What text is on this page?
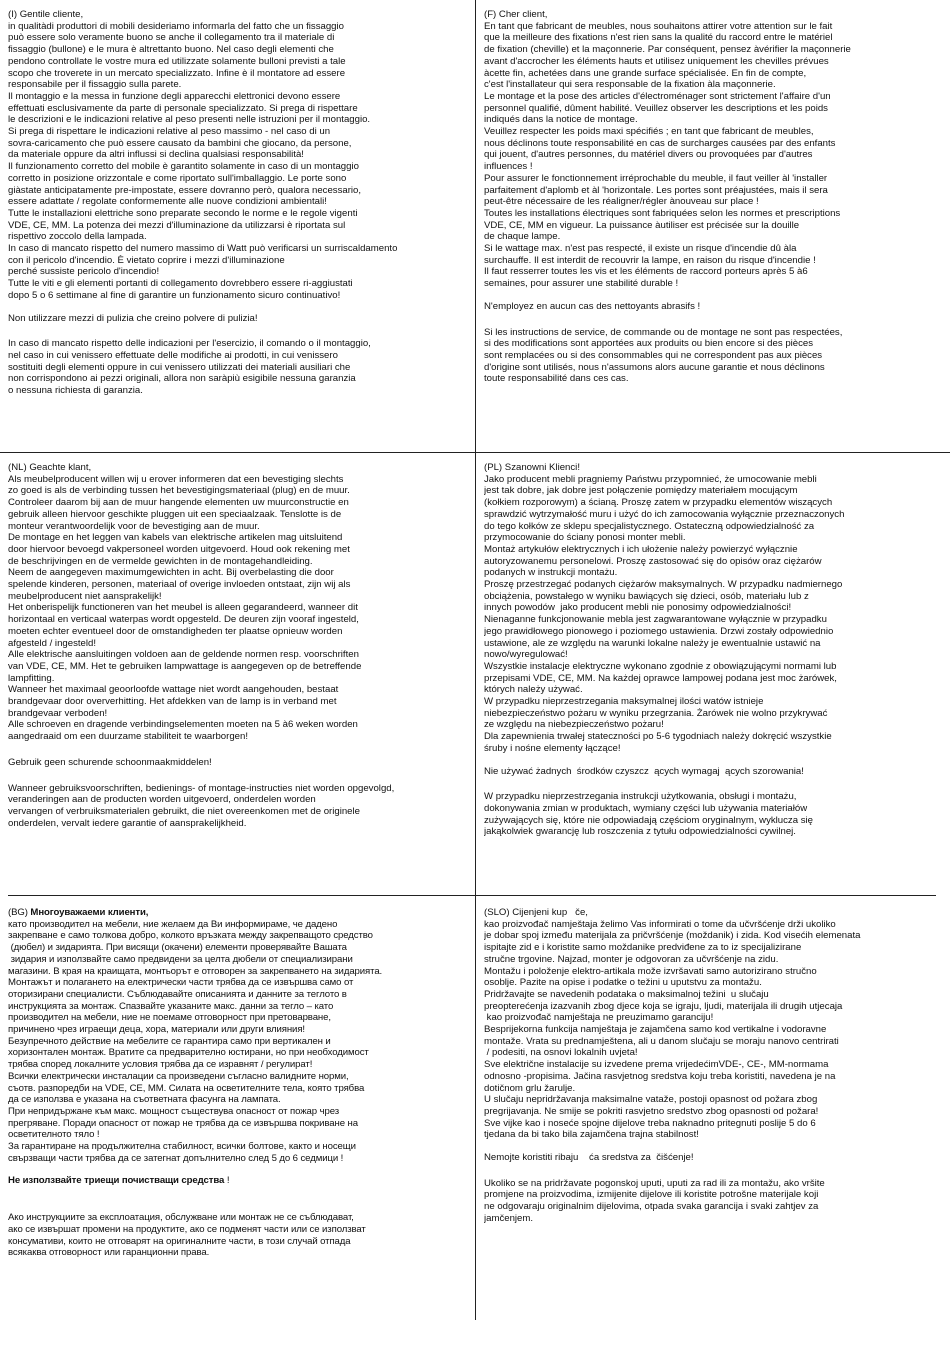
(I) Gentile cliente,

in qualitàdi produttori di mobili desideriamo informarla del fatto che un fissaggio

può essere solo veramente buono se anche il collegamento tra il materiale di

fissaggio (bullone) e le mura è altrettanto buono. Nel caso degli elementi che

pendono controllate le vostre mura ed utilizzate solamente bulloni previsti a tale

scopo che troverete in un mercato specializzato. Infine è il montatore ad essere

responsabile per il fissaggio sulla parete.

Il montaggio e la messa in funzione degli apparecchi elettronici devono essere

effettuati esclusivamente da parte di personale specializzato. Si prega di rispettare

le descrizioni e le indicazioni relative al peso presenti nelle istruzioni per il montaggio.

Si prega di rispettare le indicazioni relative al peso massimo - nel caso di un

sovra-caricamento che può essere causato da bambini che giocano, da persone,

da materiale oppure da altri influssi si declina qualsiasi responsabilità!

Il funzionamento corretto del mobile è garantito solamente in caso di un montaggio

corretto in posizione orizzontale e come riportato sull'imballaggio. Le porte sono

giàstate anticipatamente pre-impostate, essere dovranno però, qualora necessario,

essere adattate / regolate conformemente alle nuove condizioni ambientali!

Tutte le installazioni elettriche sono preparate secondo le norme e le regole vigenti

VDE, CE, MM. La potenza dei mezzi d'illuminazione da utilizzarsi è riportata sul

rispettivo zoccolo della lampada.

In caso di mancato rispetto del numero massimo di Watt può verificarsi un surriscaldamento

con il pericolo d'incendio. È vietato coprire i mezzi d'illuminazione

perché sussiste pericolo d'incendio!

Tutte le viti e gli elementi portanti di collegamento dovrebbero essere ri-aggiustati

dopo 5 o 6 settimane al fine di garantire un funzionamento sicuro continuativo!

Non utilizzare mezzi di pulizia che creino polvere di pulizia!

In caso di mancato rispetto delle indicazioni per l'esercizio, il comando o il montaggio,

nel caso in cui venissero effettuate delle modifiche ai prodotti, in cui venissero

sostituiti degli elementi oppure in cui venissero utilizzati dei materiali ausiliari che

non corrispondono ai pezzi originali, allora non saràpiù esigibile nessuna garanzia

o nessuna richiesta di garanzia.

(F) Cher client,

En tant que fabricant de meubles, nous souhaitons attirer votre attention sur le fait

que la meilleure des fixations n'est rien sans la qualité du raccord entre le matériel

de fixation (cheville) et la maçonnerie. Par conséquent, pensez àvérifier la maçonnerie

avant d'accrocher les éléments hauts et utilisez uniquement les chevilles prévues

àcette fin, achetées dans une grande surface spécialisée. En fin de compte,

c'est l'installateur qui sera responsable de la fixation àla maçonnerie.

Le montage et la pose des articles d'électroménager sont strictement l'affaire d'un

personnel qualifié, dûment habilité. Veuillez observer les descriptions et les poids

indiqués dans la notice de montage.

Veuillez respecter les poids maxi spécifiés ; en tant que fabricant de meubles,

nous déclinons toute responsabilité en cas de surcharges causées par des enfants

qui jouent, d'autres personnes, du matériel divers ou provoquées par d'autres

influences !

Pour assurer le fonctionnement irréprochable du meuble, il faut veiller àl 'installer

parfaitement d'aplomb et àl 'horizontale. Les portes sont préajustées, mais il sera

peut-être nécessaire de les réaligner/régler ànouveau sur place !

Toutes les installations électriques sont fabriquées selon les normes et prescriptions

VDE, CE, MM en vigueur. La puissance àutiliser est précisée sur la douille

de chaque lampe.

Si le wattage max. n'est pas respecté, il existe un risque d'incendie dû àla

surchauffe. Il est interdit de recouvrir la lampe, en raison du risque d'incendie !

Il faut resserrer toutes les vis et les éléments de raccord porteurs après 5 à6

semaines, pour assurer une stabilité durable !

N'employez en aucun cas des nettoyants abrasifs !

Si les instructions de service, de commande ou de montage ne sont pas respectées,

si des modifications sont apportées aux produits ou bien encore si des pièces

sont remplacées ou si des consommables qui ne correspondent pas aux pièces

d'origine sont utilisés, nous n'assumons alors aucune garantie et nous déclinons

toute responsabilité dans ces cas.

(NL) Geachte klant,

Als meubelproducent willen wij u erover informeren dat een bevestiging slechts

zo goed is als de verbinding tussen het bevestigingsmateriaal (plug) en de muur.

Controleer daarom bij aan de muur hangende elementen uw muurconstructie en

gebruik alleen hiervoor geschikte pluggen uit een speciaalzaak. Tenslotte is de

monteur verantwoordelijk voor de bevestiging aan de muur.

De montage en het leggen van kabels van elektrische artikelen mag uitsluitend

door hiervoor bevoegd vakpersoneel worden uitgevoerd. Houd ook rekening met

de beschrijvingen en de vermelde gewichten in de montagehandleiding.

Neem de aangegeven maximumgewichten in acht. Bij overbelasting die door

spelende kinderen, personen, materiaal of overige invloeden ontstaat, zijn wij als

meubelproducent niet aansprakelijk!

Het onberispelijk functioneren van het meubel is alleen gegarandeerd, wanneer dit

horizontaal en verticaal waterpas wordt opgesteld. De deuren zijn vooraf ingesteld,

moeten echter eventueel door de omstandigheden ter plaatse opnieuw worden

afgesteld / ingesteld!

Alle elektrische aansluitingen voldoen aan de geldende normen resp. voorschriften

van VDE, CE, MM. Het te gebruiken lampwattage is aangegeven op de betreffende

lampfitting.

Wanneer het maximaal geoorloofde wattage niet wordt aangehouden, bestaat

brandgevaar door oververhitting. Het afdekken van de lamp is in verband met

brandgevaar verboden!

Alle schroeven en dragende verbindingselementen moeten na 5 à6 weken worden

aangedraaid om een duurzame stabiliteit te waarborgen!

Gebruik geen schurende schoonmaakmiddelen!

Wanneer gebruiksvoorschriften, bedienings- of montage-instructies niet worden opgevolgd,

veranderingen aan de producten worden uitgevoerd, onderdelen worden

vervangen of verbruiksmaterialen gebruikt, die niet overeenkomen met de originele

onderdelen, vervalt iedere garantie of aansprakelijkheid.

(PL) Szanowni Klienci!

Jako producent mebli pragniemy Państwu przypomnieć, że umocowanie mebli

jest tak dobre, jak dobre jest połączenie pomiędzy materiałem mocującym

(kołkiem rozporowym) a ścianą. Proszę zatem w przypadku elementów wiszących

sprawdzić wytrzymałość muru i użyć do ich zamocowania wyłącznie przeznaczonych

do tego kołków ze sklepu specjalistycznego. Ostateczną odpowiedzialność za

przymocowanie do ściany ponosi monter mebli.

Montaż artykułów elektrycznych i ich ułożenie należy powierzyć wyłącznie

autoryzowanemu personelowi. Proszę zastosować się do opisów oraz ciężarów

podanych w instrukcji montażu.

Proszę przestrzegać podanych ciężarów maksymalnych. W przypadku nadmiernego

obciążenia, powstałego w wyniku bawiących się dzieci, osób, materiału lub z

innych powodów  jako producent mebli nie ponosimy odpowiedzialności!

Nienaganne funkcjonowanie mebla jest zagwarantowane wyłącznie w przypadku

jego prawidłowego pionowego i poziomego ustawienia. Drzwi zostały odpowiednio

ustawione, ale ze względu na warunki lokalne należy je ewentualnie ustawić na

nowo/wyregulować!

Wszystkie instalacje elektryczne wykonano zgodnie z obowiązującymi normami lub

przepisami VDE, CE, MM. Na każdej oprawce lampowej podana jest moc żarówek,

których należy używać.

W przypadku nieprzestrzegania maksymalnej ilości watów istnieje

niebezpieczeństwo pożaru w wyniku przegrzania. Żarówek nie wolno przykrywać

ze względu na niebezpieczeństwo pożaru!

Dla zapewnienia trwałej stateczności po 5-6 tygodniach należy dokręcić wszystkie

śruby i nośne elementy łączące!

Nie używać żadnych  środków czyszcz  ących wymagaj  ących szorowania!

W przypadku nieprzestrzegania instrukcji użytkowania, obsługi i montażu,

dokonywania zmian w produktach, wymiany części lub używania materiałów

zużywających się, które nie odpowiadają częściom oryginalnym, wyklucza się

jakąkolwiek gwarancję lub roszczenia z tytułu odpowiedzialności cywilnej.

(BG) Многоуважаеми клиенти,

като производител на мебели, ние желаем да Ви информираме, че дадено

закрепване е само толкова добро, колкото връзката между закрепващото средство

(дюбел) и зидарията. При висящи (окачени) елементи проверявайте Вашата

зидария и използвайте само предвидени за целта дюбели от специализирани

магазини. В края на краищата, монтьорът е отговорен за закрепването на зидарията.

Монтажът и полагането на електрически части трябва да се извършва само от

оторизирани специалисти. Съблюдавайте описанията и данните за теглото в

инструкцията за монтаж. Спазвайте указаните макс. данни за тегло – като

производител на мебели, ние не поемаме отговорност при претоварване,

причинено чрез играещи деца, хора, материали или други влияния!

Безупречното действие на мебелите се гарантира само при вертикален и

хоризонтален монтаж. Вратите са предварително юстирани, но при необходимост

трябва според локалните условия трябва да се изравнят / регулират!

Всички електрически инсталации са произведени съгласно валидните норми,

съотв. разпоредби на VDE, CE, MM. Силата на осветителните тела, която трябва

да се използва е указана на съответната фасунга на лампата.

При непридържане към макс. мощност съществува опасност от пожар чрез

прегряване. Поради опасност от пожар не трябва да се извършва покриване на

осветителното тяло !

За гарантиране на продължителна стабилност, всички болтове, както и носещи

свързващи части трябва да се затегнат допълнително след 5 до 6 седмици !

Не използвайте триещи почистващи средства !

Ако инструкциите за експлоатация, обслужване или монтаж не се съблюдават,

ако се извършат промени на продуктите, ако се подменят части или се използват

консумативи, които не отговарят на оригиналните части, в този случай отпада

всякаква отговорност или гаранционни права.

(SLO) Cijenjeni kup   če,

kao proizvođač namještaja želimo Vas informirati o tome da učvršćenje drži ukoliko

je dobar spoj između materijala za pričvršćenje (moždanik) i zida. Kod visećih elemenata

ispitajte zid e i koristite samo moždanike predviđene za to iz specijalizirane

stručne trgovine. Najzad, monter je odgovoran za učvršćenje na zidu.

Montažu i položenje elektro-artikala može izvršavati samo autorizirano stručno

osoblje. Pazite na opise i podatke o težini u uputstvu za montažu.

Pridržavajte se navedenih podataka o maksimalnoj težini  u slučaju

preopterećenja izazvanih zbog djece koja se igraju, ljudi, materijala ili drugih utjecaja

kao proizvođač namještaja ne preuzimamo garanciju!

Besprijekorna funkcija namještaja je zajamčena samo kod vertikalne i vodoravne

montaže. Vrata su prednamještena, ali u danom slučaju se moraju nanovo centrirati

/ podesiti, na osnovi lokalnih uvjeta!

Sve električne instalacije su izvedene prema vrijedećimVDE-, CE-, MM-normama

odnosno -propisima. Jačina rasvjetnog sredstva koju treba koristiti, navedena je na

dotičnom grlu žarulje.

U slučaju nepridržavanja maksimalne vataže, postoji opasnost od požara zbog

pregrijavanja. Ne smije se pokriti rasvjetno sredstvo zbog opasnosti od požara!

Sve vijke kao i noseće spojne dijelove treba naknadno pritegnuti poslije 5 do 6

tjedana da bi tako bila zajamčena trajna stabilnost!

Nemojte koristiti ribaju    ća sredstva za  čišćenje!

Ukoliko se na pridržavate pogonskoj uputi, uputi za rad ili za montažu, ako vršite

promjene na proizvodima, izmijenite dijelove ili koristite potrošne materijale koji

ne odgovaraju originalnim dijelovima, otpada svaka garancija i svaki zahtjev za

jamčenjem.
